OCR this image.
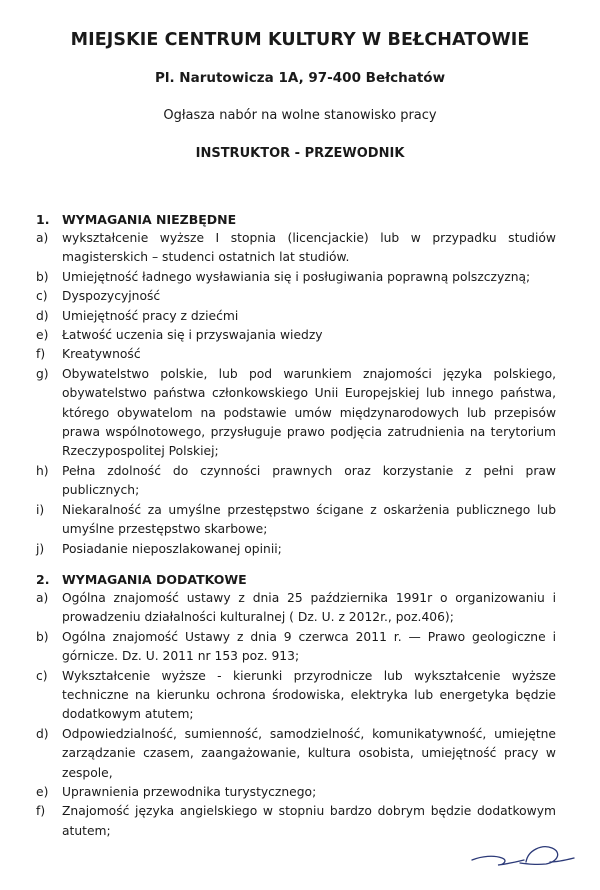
MIEJSKIE CENTRUM KULTURY W BEŁCHATOWIE
Pl. Narutowicza 1A, 97-400 Bełchatów
Ogłasza nabór na wolne stanowisko pracy
INSTRUKTOR - PRZEWODNIK
1. WYMAGANIA NIEZBĘDNE
a)	wykształcenie wyższe I stopnia (licencjackie) lub w przypadku studiów magisterskich – studenci ostatnich lat studiów.
b)	Umiejętność ładnego wysławiania się i posługiwania poprawną polszczyzną;
c)	Dyspozycyjność
d)	Umiejętność pracy z dziećmi
e)	Łatwość uczenia się i przyswajania wiedzy
f)	Kreatywność
g)	Obywatelstwo polskie, lub pod warunkiem znajomości języka polskiego, obywatelstwo państwa członkowskiego Unii Europejskiej lub innego państwa, którego obywatelom na podstawie umów międzynarodowych lub przepisów prawa wspólnotowego, przysługuje prawo podjęcia zatrudnienia na terytorium Rzeczypospolitej Polskiej;
h)	Pełna zdolność do czynności prawnych oraz korzystanie z pełni praw publicznych;
i)	Niekaralność za umyślne przestępstwo ścigane z oskarżenia publicznego lub umyślne przestępstwo skarbowe;
j)	Posiadanie nieposzlakowanej opinii;
2. WYMAGANIA DODATKOWE
a)	Ogólna znajomość ustawy z dnia 25 października 1991r o organizowaniu i prowadzeniu działalności kulturalnej ( Dz. U. z 2012r., poz.406);
b)	Ogólna znajomość Ustawy z dnia 9 czerwca 2011 r. — Prawo geologiczne i górnicze. Dz. U. 2011 nr 153 poz. 913;
c)	Wykształcenie wyższe - kierunki przyrodnicze lub wykształcenie wyższe techniczne na kierunku ochrona środowiska, elektryka lub energetyka będzie dodatkowym atutem;
d)	Odpowiedzialność, sumienność, samodzielność, komunikatywność, umiejętne zarządzanie czasem, zaangażowanie, kultura osobista, umiejętność pracy w zespole,
e)	Uprawnienia przewodnika turystycznego;
f)	Znajomość języka angielskiego w stopniu bardzo dobrym będzie dodatkowym atutem;
